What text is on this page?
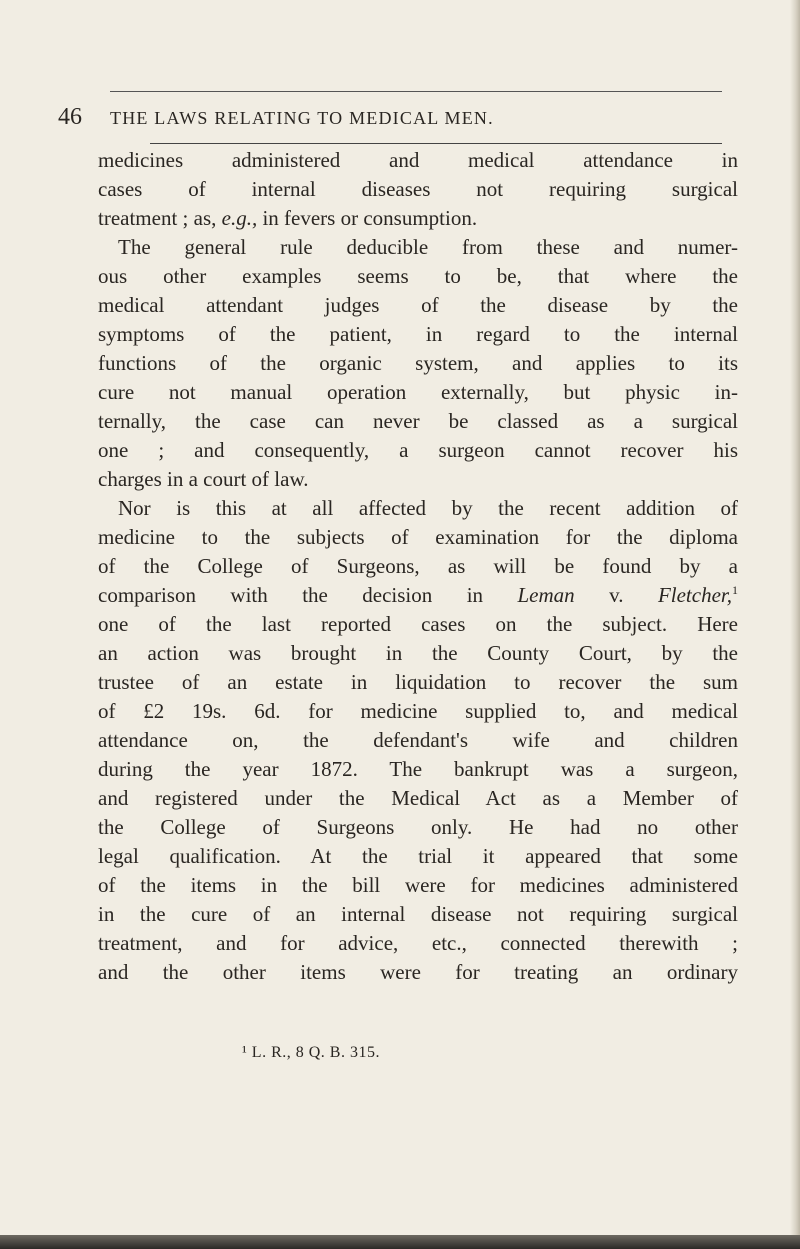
46 THE LAWS RELATING TO MEDICAL MEN.
medicines administered and medical attendance in
cases of internal diseases not requiring surgical
treatment ; as, e.g., in fevers or consumption.
The general rule deducible from these and numer-
ous other examples seems to be, that where the
medical attendant judges of the disease by the
symptoms of the patient, in regard to the internal
functions of the organic system, and applies to its
cure not manual operation externally, but physic in-
ternally, the case can never be classed as a surgical
one ; and consequently, a surgeon cannot recover his
charges in a court of law.
Nor is this at all affected by the recent addition of
medicine to the subjects of examination for the diploma
of the College of Surgeons, as will be found by a
comparison with the decision in Leman v. Fletcher,$^1$
one of the last reported cases on the subject. Here
an action was brought in the County Court, by the
trustee of an estate in liquidation to recover the sum
of £2 19s. 6d. for medicine supplied to, and medical
attendance on, the defendant's wife and children
during the year 1872. The bankrupt was a surgeon,
and registered under the Medical Act as a Member of
the College of Surgeons only. He had no other
legal qualification. At the trial it appeared that some
of the items in the bill were for medicines administered
in the cure of an internal disease not requiring surgical
treatment, and for advice, etc., connected therewith ;
and the other items were for treating an ordinary
¹ L. R., 8 Q. B. 315.
